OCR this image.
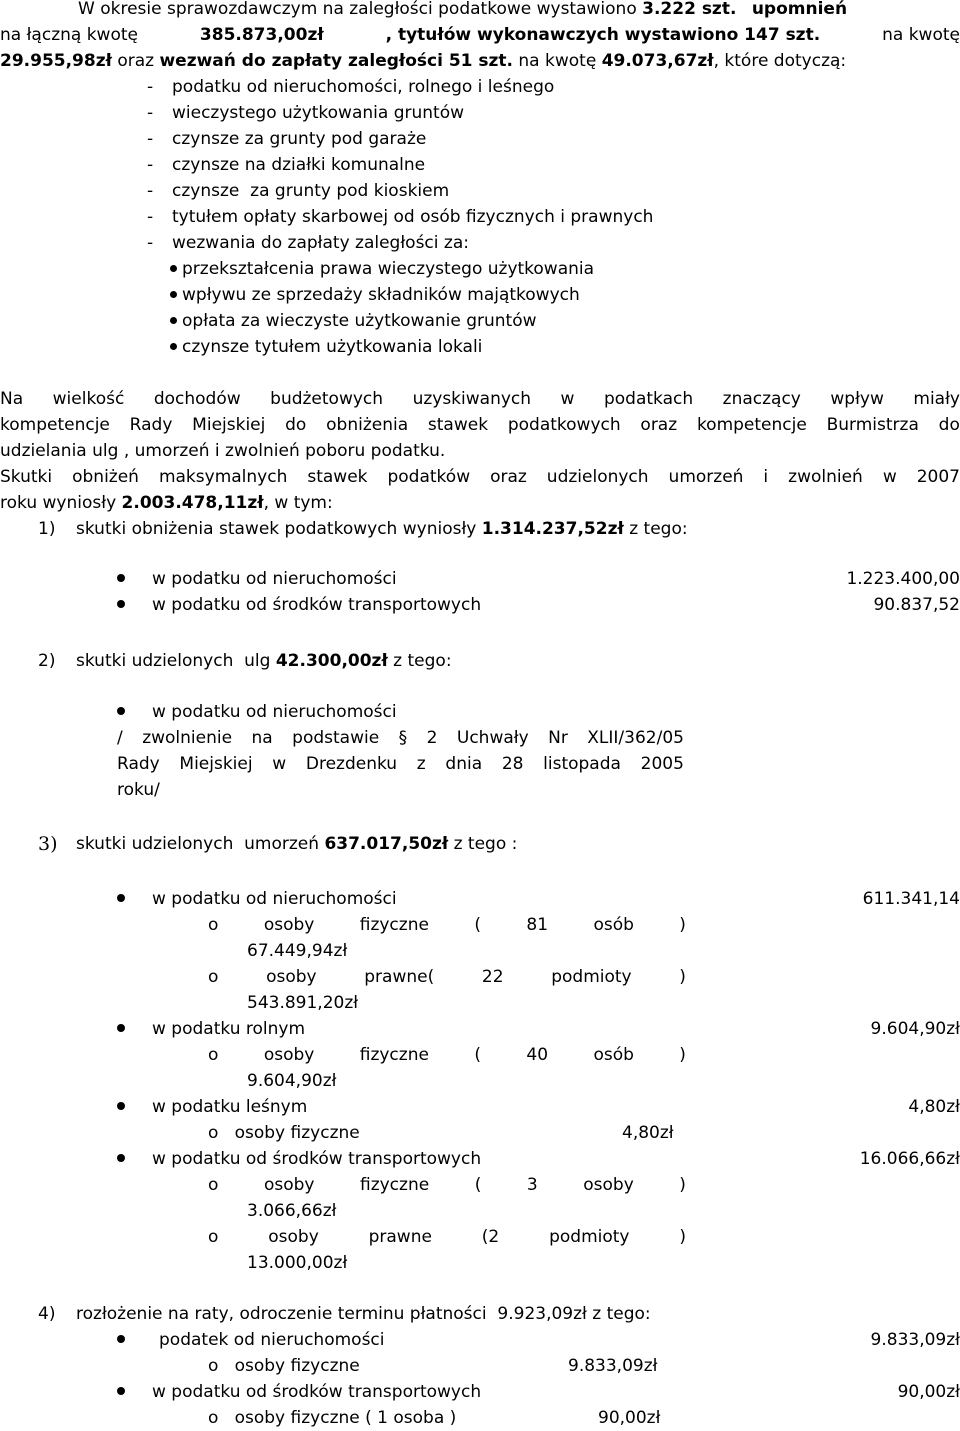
W okresie sprawozdawczym na zaległości podatkowe wystawiono 3.222 szt. upomnień
na łączną kwotę	385.873,00zł	, tytułów wykonawczych wystawiono 147 szt.	na kwotę
29.955,98zł oraz wezwań do zapłaty zaległości 51 szt. na kwotę 49.073,67zł, które dotyczą:
- podatku od nieruchomości, rolnego i leśnego
- wieczystego użytkowania gruntów
- czynsze za grunty pod garaże
- czynsze na działki komunalne
- czynsze  za grunty pod kioskiem
- tytułem opłaty skarbowej od osób fizycznych i prawnych
- wezwania do zapłaty zaległości za:
przekształcenia prawa wieczystego użytkowania
wpływu ze sprzedaży składników majątkowych
opłata za wieczyste użytkowanie gruntów
czynsze tytułem użytkowania lokali
Na wielkość dochodów budżetowych uzyskiwanych w podatkach znaczący wpływ miały
kompetencje Rady Miejskiej do obniżenia stawek podatkowych oraz kompetencje Burmistrza do
udzielania ulg , umorzeń i zwolnień poboru podatku.
Skutki obniżeń maksymalnych stawek podatków oraz udzielonych umorzeń i zwolnień w 2007
roku wyniosły 2.003.478,11zł, w tym:
1) skutki obniżenia stawek podatkowych wyniosły 1.314.237,52zł z tego:
w podatku od nieruchomości	1.223.400,00
w podatku od środków transportowych	90.837,52
2) skutki udzielonych  ulg 42.300,00zł z tego:
w podatku od nieruchomości
/ zwolnienie na podstawie § 2 Uchwały Nr XLII/362/05
Rady Miejskiej w Drezdenku z dnia 28 listopada 2005
roku/
3) skutki udzielonych  umorzeń 637.017,50zł z tego :
w podatku od nieruchomości	611.341,14
o	osoby	fizyczne	(	81	osób	)
67.449,94zł
o	osoby	prawne(	22	podmioty	)
543.891,20zł
w podatku rolnym	9.604,90zł
o	osoby	fizyczne	(	40	osób	)
9.604,90zł
w podatku leśnym	4,80zł
o   osoby fizyczne	4,80zł
w podatku od środków transportowych	16.066,66zł
o	osoby	fizyczne	(	3	osoby	)
3.066,66zł
o	osoby	prawne	(2	podmioty	)
13.000,00zł
4) rozłożenie na raty, odroczenie terminu płatności 9.923,09zł z tego:
podatek od nieruchomości	9.833,09zł
o   osoby fizyczne	9.833,09zł
w podatku od środków transportowych	90,00zł
o   osoby fizyczne ( 1 osoba )	90,00zł
